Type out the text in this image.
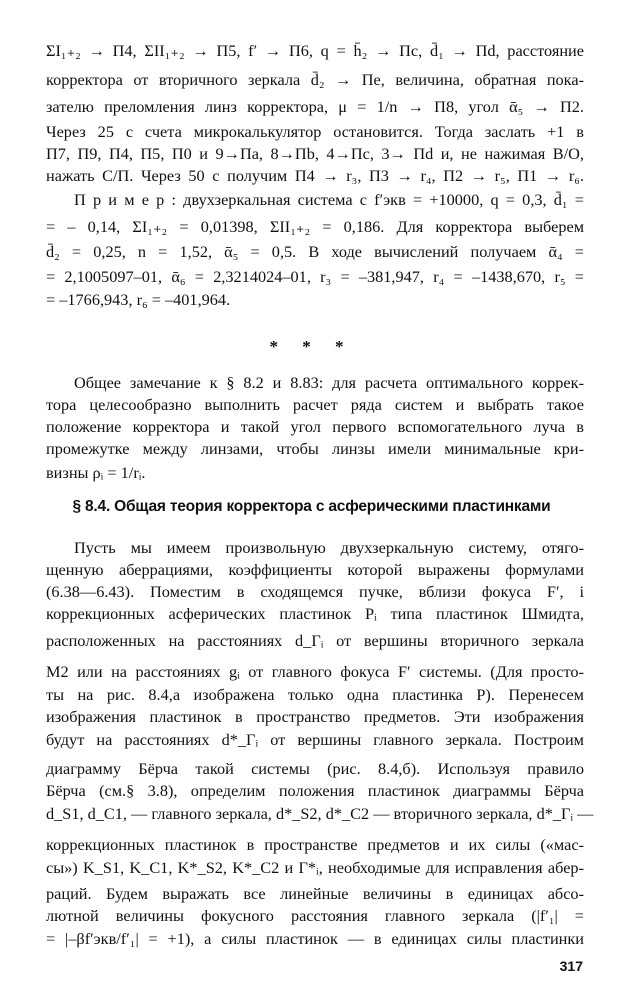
ΣI₁₊₂ → П4, ΣII₁₊₂ → П5, f′ → П6, q = h̄₂ → Пс, d̄₁ → Пd, расстояние
корректора от вторичного зеркала d̄₂ → Пе, величина, обратная пока-
зателю преломления линз корректора, μ = 1/n → П8, угол ᾱ₅ → П2.
Через 25 с счета микрокалькулятор остановится. Тогда заслать +1 в
П7, П9, П4, П5, П0 и 9→Па, 8→Пb, 4→Пс, 3→ Пd и, не нажимая В/О,
нажать С/П. Через 50 с получим П4 → r₃, П3 → r₄, П2 → r₅, П1 → r₆.
П р и м е р : двухзеркальная система с f′экв = +10000, q = 0,3, d̄₁ =
= – 0,14, ΣI₁₊₂ = 0,01398, ΣII₁₊₂ = 0,186. Для корректора выберем
d̄₂ = 0,25, n = 1,52, ᾱ₅ = 0,5. В ходе вычислений получаем ᾱ₄ =
= 2,1005097–01, ᾱ₆ = 2,3214024–01, r₃ = –381,947, r₄ = –1438,670, r₅ =
= –1766,943, r₆ = –401,964.
* * *
Общее замечание к § 8.2 и 8.83: для расчета оптимального коррек-
тора целесообразно выполнить расчет ряда систем и выбрать такое
положение корректора и такой угол первого вспомогательного луча в
промежутке между линзами, чтобы линзы имели минимальные кри-
визны ρᵢ = 1/rᵢ.
§ 8.4. Общая теория корректора с асферическими пластинками
Пусть мы имеем произвольную двухзеркальную систему, отяго-
щенную аберрациями, коэффициенты которой выражены формулами
(6.38—6.43). Поместим в сходящемся пучке, вблизи фокуса F′, i
коррекционных асферических пластинок Pᵢ типа пластинок Шмидта,
расположенных на расстояниях d_Гᵢ от вершины вторичного зеркала
М2 или на расстояниях gᵢ от главного фокуса F′ системы. (Для просто-
ты на рис. 8.4,а изображена только одна пластинка P). Перенесем
изображения пластинок в пространство предметов. Эти изображения
будут на расстояниях d*_Гᵢ от вершины главного зеркала. Построим
диаграмму Бёрча такой системы (рис. 8.4,б). Используя правило
Бёрча (см.§ 3.8), определим положения пластинок диаграммы Бёрча
d_S1, d_C1, — главного зеркала, d*_S2, d*_C2 — вторичного зеркала, d*_Гᵢ —
коррекционных пластинок в пространстве предметов и их силы («мас-
сы») K_S1, K_C1, K*_S2, K*_C2 и Г*ᵢ, необходимые для исправления абер-
раций. Будем выражать все линейные величины в единицах абсо-
лютной величины фокусного расстояния главного зеркала (|f′₁| =
= |–βf′экв/f′₁| = +1), а силы пластинок — в единицах силы пластинки
317
